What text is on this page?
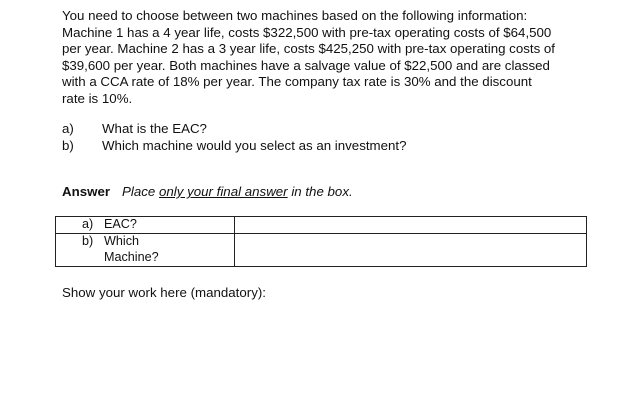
You need to choose between two machines based on the following information:
Machine 1 has a 4 year life, costs $322,500 with pre-tax operating costs of $64,500
per year. Machine 2 has a 3 year life, costs $425,250 with pre-tax operating costs of
$39,600 per year. Both machines have a salvage value of $22,500 and are classed
with a CCA rate of 18% per year. The company tax rate is 30% and the discount
rate is 10%.
a)	What is the EAC?
b)	Which machine would you select as an investment?
Answer Place only your final answer in the box.
a) EAC?	

b) Which Machine?	

Show your work here (mandatory):
